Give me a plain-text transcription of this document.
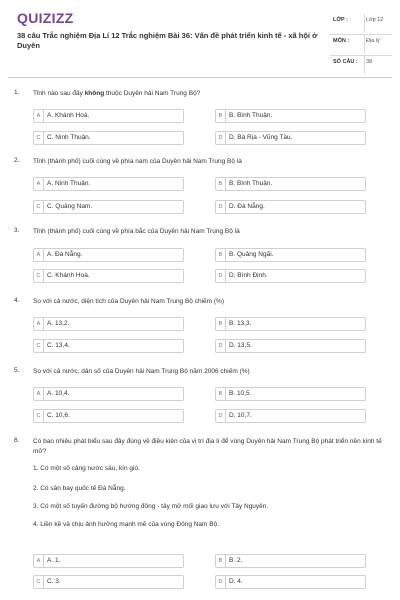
QUIZIZZ
38 câu Trắc nghiệm Địa Lí 12 Trắc nghiệm Bài 36: Vấn đề phát triển kinh tế - xã hội ở Duyên
LỚP :	Lớp 12
MÔN :	Địa lý
SỐ CÂU : 38
1. Tỉnh nào sau đây không thuộc Duyên hải Nam Trung Bộ?
A	A. Khánh Hoà.	B	B. Bình Thuận.
C	C. Ninh Thuận.	D	D. Bà Rịa - Vũng Tàu.
2. Tỉnh (thành phố) cuối cùng về phía nam của Duyên hải Nam Trung Bộ là
A	A. Ninh Thuận.	B	B. Bình Thuận.
C	C. Quảng Nam.	D	D. Đà Nẵng.
3. Tỉnh (thành phố) cuối cùng về phía bắc của Duyên hải Nam Trung Bộ là
A	A. Đà Nẵng.	B	B. Quảng Ngãi.
C	C. Khánh Hoà.	D	D. Bình Định.
4. So với cả nước, diện tích của Duyên hải Nam Trung Bộ chiếm (%)
A	A. 13,2.	B	B. 13,3.
C	C. 13,4.	D	D. 13,5.
5. So với cả nước, dân số của Duyên hải Nam Trung Bộ năm 2006 chiếm (%)
A	A. 10,4.	B	B. 10,5.
C	C. 10,6.	D	D. 10,7.
6. Có bao nhiêu phát biểu sau đây đúng về điều kiện của vị trí địa lí để vùng Duyên hải Nam Trung Bộ phát triển nền kinh tế mở?
1. Có một số cảng nước sâu, kín gió.
2. Có sân bay quốc tế Đà Nẵng.
3. Có một số tuyến đường bộ hướng đông - tây mở mối giao lưu với Tây Nguyên.
4. Liền kề và chịu ảnh hưởng mạnh mẽ của vùng Đông Nam Bộ.
A	A. 1.	B	B. 2.
C	C. 3.	D	D. 4.
